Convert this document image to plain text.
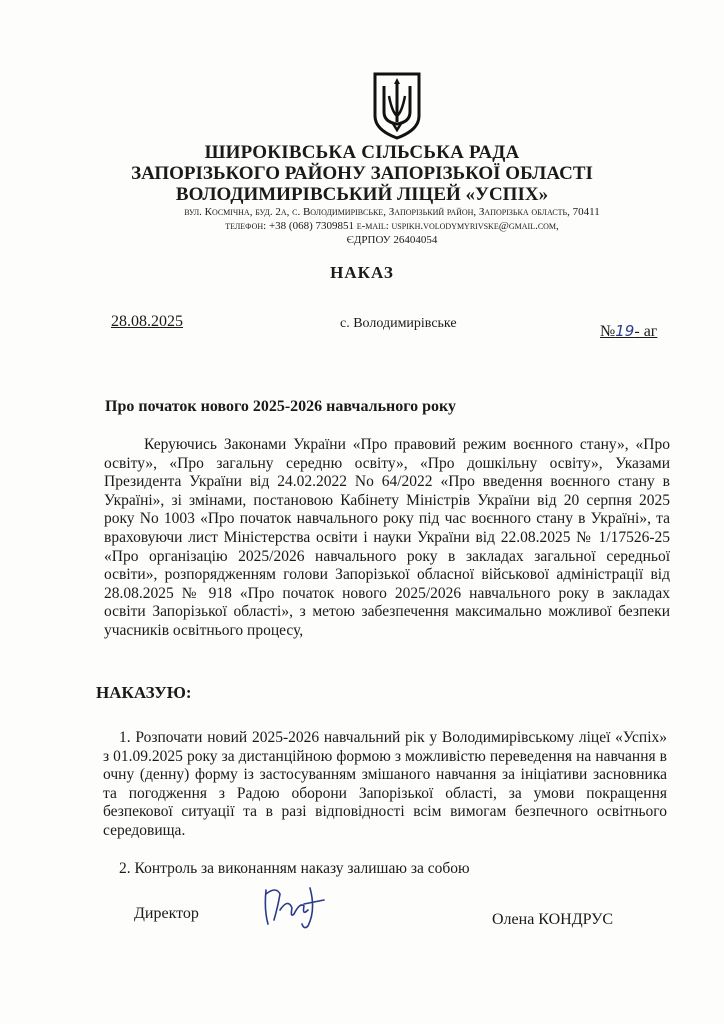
ШИРОКІВСЬКА СІЛЬСЬКА РАДА
ЗАПОРІЗЬКОГО РАЙОНУ ЗАПОРІЗЬКОЇ ОБЛАСТІ
ВОЛОДИМИРІВСЬКИЙ ЛІЦЕЙ «УСПІХ»
вул. Космічна, буд. 2а, с. Володимирівське, Запорізький район, Запорізька область, 70411
телефон: +38 (068) 7309851 e-mail: uspikh.volodymyrivske@gmail.com,
ЄДРПОУ 26404054
НАКАЗ
28.08.2025	с. Володимирівське	№19- аг
Про початок нового 2025-2026 навчального року
Керуючись Законами України «Про правовий режим воєнного стану», «Про освіту», «Про загальну середню освіту», «Про дошкільну освіту», Указами Президента України від 24.02.2022 No 64/2022 «Про введення воєнного стану в Україні», зі змінами, постановою Кабінету Міністрів України від 20 серпня 2025 року No 1003 «Про початок навчального року під час воєнного стану в Україні», та враховуючи лист Міністерства освіти і науки України від 22.08.2025 № 1/17526-25 «Про організацію 2025/2026 навчального року в закладах загальної середньої освіти», розпорядженням голови Запорізької обласної військової адміністрації від 28.08.2025 № 918 «Про початок нового 2025/2026 навчального року в закладах освіти Запорізької області», з метою забезпечення максимально можливої безпеки учасників освітнього процесу,
НАКАЗУЮ:
1. Розпочати новий 2025-2026 навчальний рік у Володимирівському ліцеї «Успіх» з 01.09.2025 року за дистанційною формою з можливістю переведення на навчання в очну (денну) форму із застосуванням змішаного навчання за ініціативи засновника та погодження з Радою оборони Запорізької області, за умови покращення безпекової ситуації та в разі відповідності всім вимогам безпечного освітнього середовища.
2. Контроль за виконанням наказу залишаю за собою
Директор	Олена КОНДРУС
